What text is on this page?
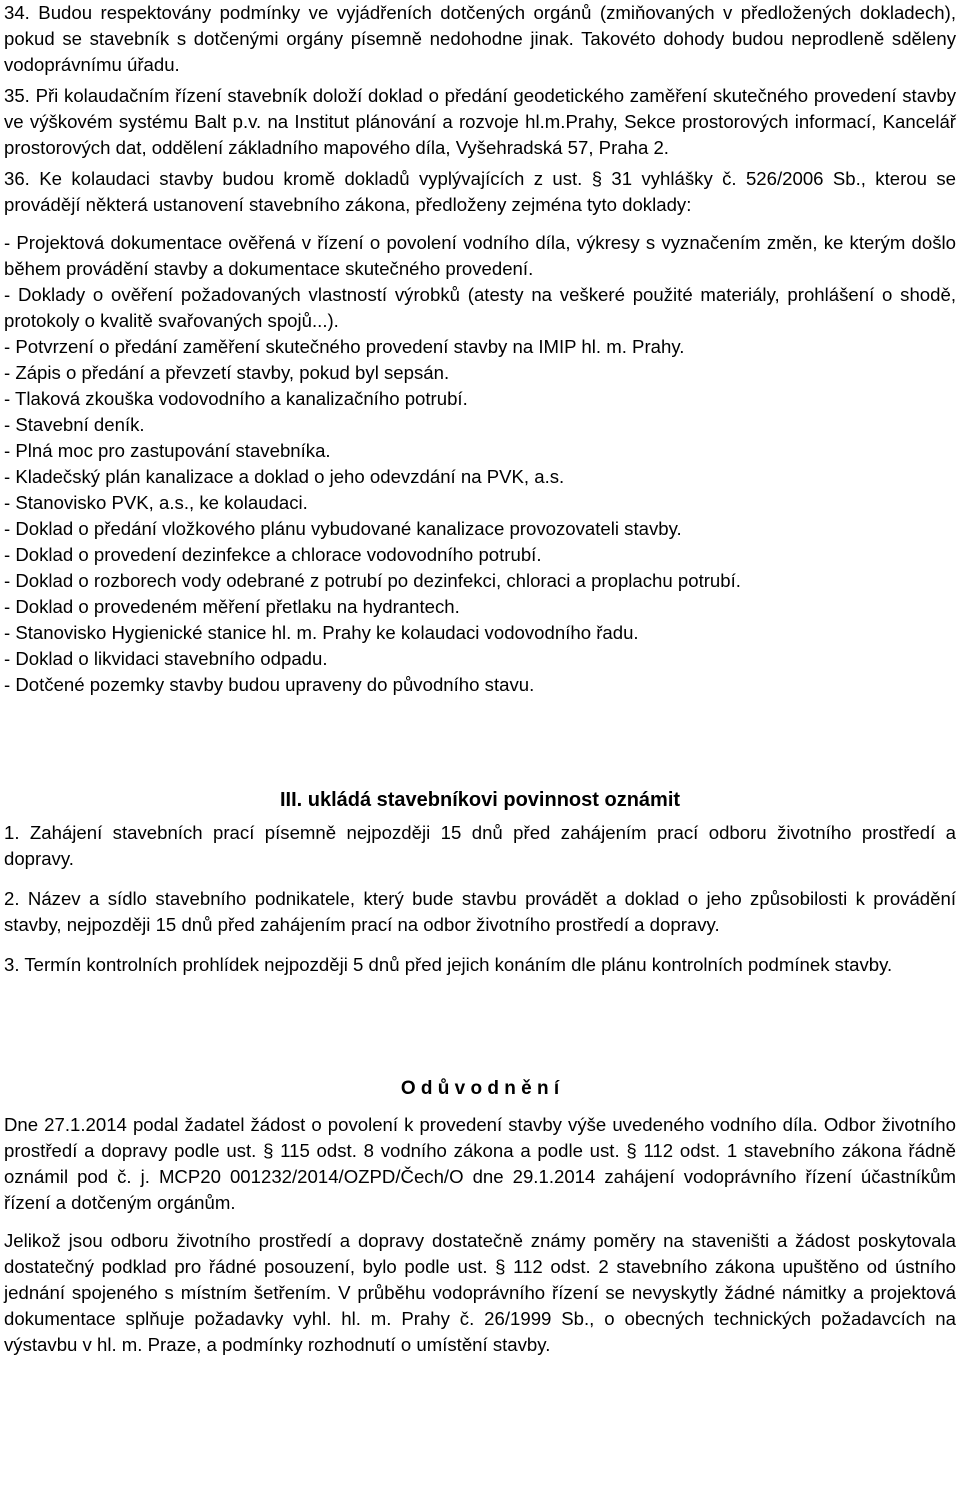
34. Budou respektovány podmínky ve vyjádřeních dotčených orgánů (zmiňovaných v předložených dokladech), pokud se stavebník s dotčenými orgány písemně nedohodne jinak. Takovéto dohody budou neprodleně sděleny vodoprávnímu úřadu.

35. Při kolaudačním řízení stavebník doloží doklad o předání geodetického zaměření skutečného provedení stavby ve výškovém systému Balt p.v. na Institut plánování a rozvoje hl.m.Prahy, Sekce prostorových informací, Kancelář prostorových dat, oddělení základního mapového díla, Vyšehradská 57, Praha 2.

36. Ke kolaudaci stavby budou kromě dokladů vyplývajících z ust. § 31 vyhlášky č. 526/2006 Sb., kterou se provádějí některá ustanovení stavebního zákona, předloženy zejména tyto doklady:

- Projektová dokumentace ověřená v řízení o povolení vodního díla, výkresy s vyznačením změn, ke kterým došlo během provádění stavby a dokumentace skutečného provedení.

- Doklady o ověření požadovaných vlastností výrobků (atesty na veškeré použité materiály, prohlášení o shodě, protokoly o kvalitě svařovaných spojů...).

- Potvrzení o předání zaměření skutečného provedení stavby na IMIP hl. m. Prahy.

- Zápis o předání a převzetí stavby, pokud byl sepsán.

- Tlaková zkouška vodovodního a kanalizačního potrubí.

- Stavební deník.

- Plná moc pro zastupování stavebníka.

- Kladečský plán kanalizace a doklad o jeho odevzdání na PVK, a.s.

- Stanovisko PVK, a.s., ke kolaudaci.

- Doklad o předání vložkového plánu vybudované kanalizace provozovateli stavby.

- Doklad o provedení dezinfekce a chlorace vodovodního potrubí.

- Doklad o rozborech vody odebrané z potrubí po dezinfekci, chloraci a proplachu potrubí.

- Doklad o provedeném měření přetlaku na hydrantech.

- Stanovisko Hygienické stanice hl. m. Prahy ke kolaudaci vodovodního řadu.

- Doklad o likvidaci stavebního odpadu.

- Dotčené pozemky stavby budou upraveny do původního stavu.

III. ukládá stavebníkovi povinnost oznámit

1. Zahájení stavebních prací písemně nejpozději 15 dnů před zahájením prací odboru životního prostředí a dopravy.

2. Název a sídlo stavebního podnikatele, který bude stavbu provádět a doklad o jeho způsobilosti k provádění stavby, nejpozději 15 dnů před zahájením prací na odbor životního prostředí a dopravy.

3. Termín kontrolních prohlídek nejpozději 5 dnů před jejich konáním dle plánu kontrolních podmínek stavby.

O d ů v o d n ě n í

Dne 27.1.2014 podal žadatel žádost o povolení k provedení stavby výše uvedeného vodního díla. Odbor životního prostředí a dopravy podle ust. § 115 odst. 8 vodního zákona a podle ust. § 112 odst. 1 stavebního zákona řádně oznámil pod č. j. MCP20 001232/2014/OZPD/Čech/O dne 29.1.2014 zahájení vodoprávního řízení účastníkům řízení a dotčeným orgánům.

Jelikož jsou odboru životního prostředí a dopravy dostatečně známy poměry na staveništi a žádost poskytovala dostatečný podklad pro řádné posouzení, bylo podle ust. § 112 odst. 2 stavebního zákona upuštěno od ústního jednání spojeného s místním šetřením. V průběhu vodoprávního řízení se nevyskytly žádné námitky a projektová dokumentace splňuje požadavky vyhl. hl. m. Prahy č. 26/1999 Sb., o obecných technických požadavcích na výstavbu v hl. m. Praze, a podmínky rozhodnutí o umístění stavby.
